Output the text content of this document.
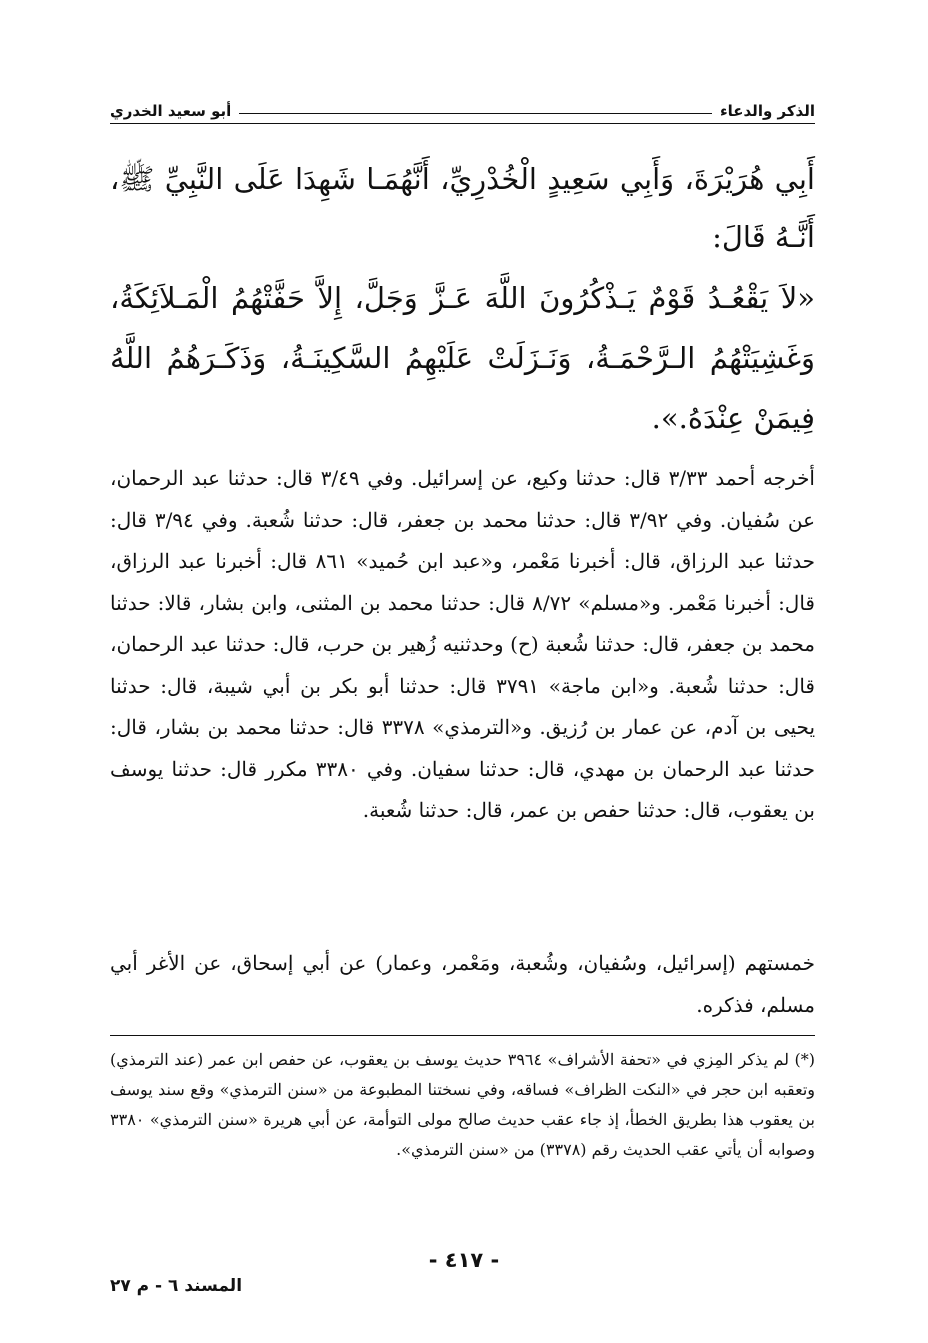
الذكر والدعاء
أبو سعيد الخدري

أَبِي هُرَيْرَةَ، وَأَبِي سَعِيدٍ الْخُدْرِيِّ، أَنَّهُمَـا شَهِدَا عَلَى النَّبِيِّ ﷺ، أَنَّـهُ قَالَ:

«لاَ يَقْعُـدُ قَوْمٌ يَـذْكُرُونَ اللَّهَ عَـزَّ وَجَلَّ، إِلاَّ حَفَّتْهُمُ الْمَـلاَئِكَةُ، وَغَشِيَتْهُمُ الـرَّحْمَـةُ، وَنَـزَلَتْ عَلَيْهِمُ السَّكِينَـةُ، وَذَكَـرَهُمُ اللَّهُ فِيمَنْ عِنْدَهُ.».

أخرجه أحمد ٣/٣٣ قال: حدثنا وكيع، عن إسرائيل. وفي ٣/٤٩ قال: حدثنا عبد الرحمان، عن سُفيان. وفي ٣/٩٢ قال: حدثنا محمد بن جعفر، قال: حدثنا شُعبة. وفي ٣/٩٤ قال: حدثنا عبد الرزاق، قال: أخبرنا مَعْمر، و«عبد ابن حُميد» ٨٦١ قال: أخبرنا عبد الرزاق، قال: أخبرنا مَعْمر. و«مسلم» ٨/٧٢ قال: حدثنا محمد بن المثنى، وابن بشار، قالا: حدثنا محمد بن جعفر، قال: حدثنا شُعبة (ح) وحدثنيه زُهير بن حرب، قال: حدثنا عبد الرحمان، قال: حدثنا شُعبة. و«ابن ماجة» ٣٧٩١ قال: حدثنا أبو بكر بن أبي شيبة، قال: حدثنا يحيى بن آدم، عن عمار بن رُزيق. و«الترمذي» ٣٣٧٨ قال: حدثنا محمد بن بشار، قال: حدثنا عبد الرحمان بن مهدي، قال: حدثنا سفيان. وفي ٣٣٨٠ مكرر قال: حدثنا يوسف بن يعقوب، قال: حدثنا حفص بن عمر، قال: حدثنا شُعبة.

خمستهم (إسرائيل، وسُفيان، وشُعبة، ومَعْمر، وعمار) عن أبي إسحاق، عن الأغر أبي مسلم، فذكره.

(*) لم يذكر المِزي في «تحفة الأشراف» ٣٩٦٤ حديث يوسف بن يعقوب، عن حفص ابن عمر (عند الترمذي) وتعقبه ابن حجر في «النكت الظراف» فساقه، وفي نسختنا المطبوعة من «سنن الترمذي» وقع سند يوسف بن يعقوب هذا بطريق الخطأ، إذ جاء عقب حديث صالح مولى التوأمة، عن أبي هريرة «سنن الترمذي» ٣٣٨٠ وصوابه أن يأتي عقب الحديث رقم (٣٣٧٨) من «سنن الترمذي».

- ٤١٧ -
المسند ٦ - م ٢٧
